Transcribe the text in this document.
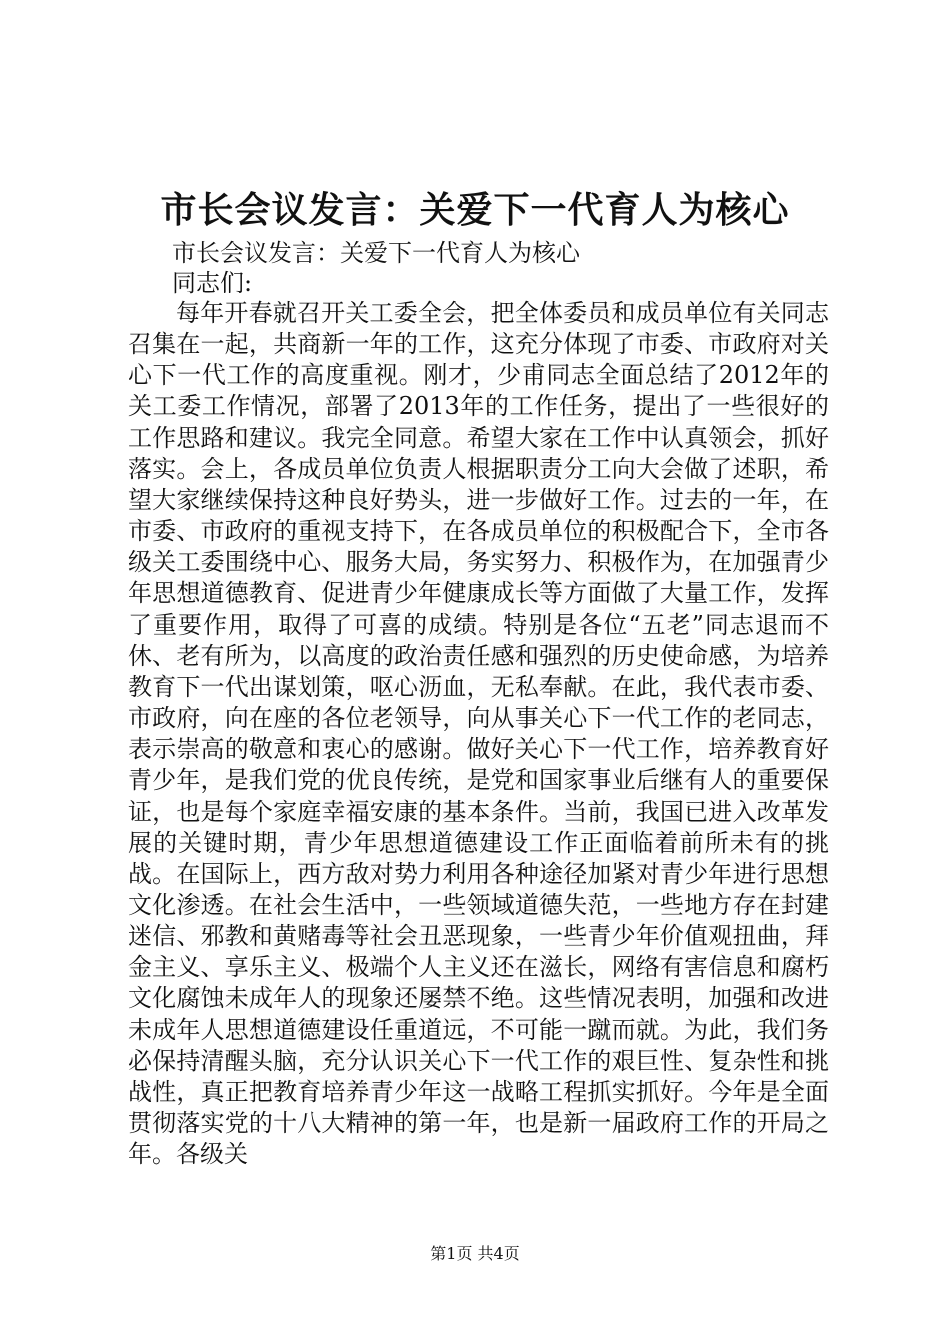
市长会议发言：关爱下一代育人为核心
市长会议发言：关爱下一代育人为核心
同志们:

每年开春就召开关工委全会，把全体委员和成员单位有关同志召集在一起，共商新一年的工作，这充分体现了市委、市政府对关心下一代工作的高度重视。刚才，少甫同志全面总结了2012年的关工委工作情况，部署了2013年的工作任务，提出了一些很好的工作思路和建议。我完全同意。希望大家在工作中认真领会，抓好落实。会上，各成员单位负责人根据职责分工向大会做了述职，希望大家继续保持这种良好势头，进一步做好工作。过去的一年，在市委、市政府的重视支持下，在各成员单位的积极配合下，全市各级关工委围绕中心、服务大局，务实努力、积极作为，在加强青少年思想道德教育、促进青少年健康成长等方面做了大量工作，发挥了重要作用，取得了可喜的成绩。特别是各位“五老”同志退而不休、老有所为，以高度的政治责任感和强烈的历史使命感，为培养教育下一代出谋划策，呕心沥血，无私奉献。在此，我代表市委、市政府，向在座的各位老领导，向从事关心下一代工作的老同志，表示崇高的敬意和衷心的感谢。做好关心下一代工作，培养教育好青少年，是我们党的优良传统，是党和国家事业后继有人的重要保证，也是每个家庭幸福安康的基本条件。当前，我国已进入改革发展的关键时期，青少年思想道德建设工作正面临着前所未有的挑战。在国际上，西方敌对势力利用各种途径加紧对青少年进行思想文化渗透。在社会生活中，一些领域道德失范，一些地方存在封建迷信、邪教和黄赌毒等社会丑恶现象，一些青少年价值观扭曲，拜金主义、享乐主义、极端个人主义还在滋长，网络有害信息和腐朽文化腐蚀未成年人的现象还屡禁不绝。这些情况表明，加强和改进未成年人思想道德建设任重道远，不可能一蹴而就。为此，我们务必保持清醒头脑，充分认识关心下一代工作的艰巨性、复杂性和挑战性，真正把教育培养青少年这一战略工程抓实抓好。今年是全面贯彻落实党的十八大精神的第一年，也是新一届政府工作的开局之年。各级关

第1页 共4页
